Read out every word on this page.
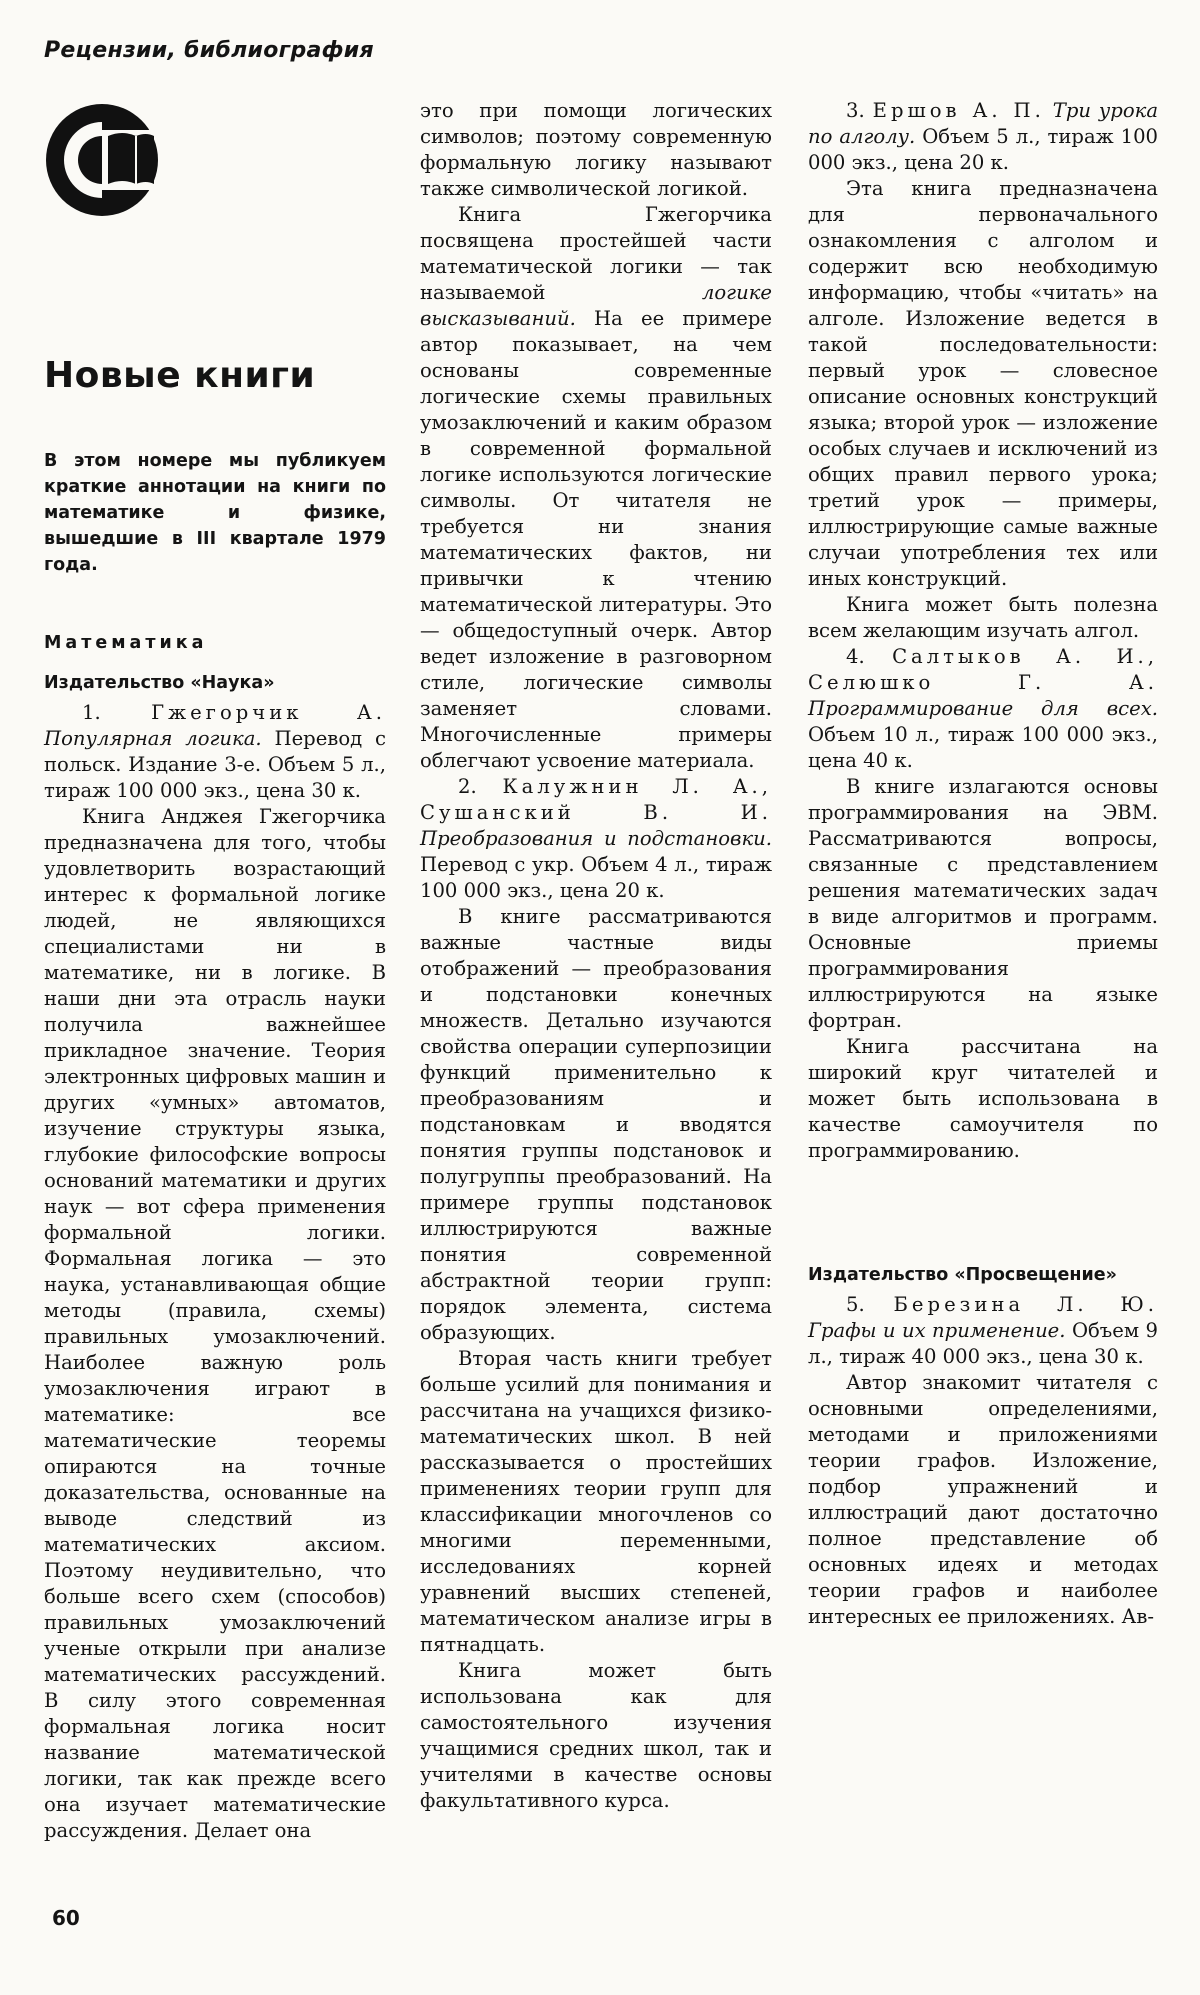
Рецензии, библиография
Новые книги
В этом номере мы публикуем краткие аннотации на книги по математике и физике, вышедшие в III квартале 1979 года.
Математика
Издательство «Наука»

1.	Гжегорчик А. Популярная логика. Перевод с польск. Издание 3-е. Объем 5 л., тираж 100 000 экз., цена 30 к.

Книга Анджея Гжегорчика предназначена для того, чтобы удовлетворить возрастающий интерес к формальной логике людей, не являющихся специалистами ни в математике, ни в логике. В наши дни эта отрасль науки получила важнейшее прикладное значение. Теория электронных цифровых машин и других «умных» автоматов, изучение структуры языка, глубокие философские вопросы оснований математики и других наук — вот сфера применения формальной логики. Формальная логика — это наука, устанавливающая общие методы (правила, схемы) правильных умозаключений. Наиболее важную роль умозаключения играют в математике: все математические теоремы опираются на точные доказательства, основанные на выводе следствий из математических аксиом. Поэтому неудивительно, что больше всего схем (способов) правильных умозаключений ученые открыли при анализе математических рассуждений. В силу этого современная формальная логика носит название математической логики, так как прежде всего она изучает математические рассуждения. Делает она

это при помощи логических символов; поэтому современную формальную логику называют также символической логикой.

Книга Гжегорчика посвящена простейшей части математической логики — так называемой	логике высказываний. На ее примере автор показывает, на чем основаны современные логические схемы правильных умозаключений и каким образом в современной формальной логике используются логические символы. От читателя не требуется ни знания математических фактов, ни привычки к чтению математической литературы. Это — общедоступный очерк. Автор ведет изложение в разговорном стиле, логические символы заменяет словами. Многочисленные примеры облегчают усвоение материала.

2. Калужнин Л. А., Сушанский В. И. Преобразования и подстановки. Перевод с укр. Объем 4 л., тираж 100 000 экз., цена 20 к.

В книге рассматриваются важные частные виды отображений — преобразования и подстановки конечных множеств. Детально изучаются свойства операции суперпозиции функций применительно к преобразованиям и подстановкам и вводятся понятия группы подстановок и полугруппы преобразований. На примере группы подстановок иллюстрируются важные понятия современной абстрактной теории групп: порядок элемента, система образующих.

Вторая часть книги требует больше усилий для понимания и рассчитана на учащихся физико-математических школ. В ней рассказывается о простейших применениях теории групп для классификации многочленов со многими переменными, исследованиях корней уравнений высших степеней, математическом анализе игры в пятнадцать.

Книга может быть использована как для самостоятельного изучения учащимися средних школ, так и учителями в качестве основы факультативного курса.

3. Ершов А. П. Три урока по алголу. Объем 5 л., тираж 100 000 экз., цена 20 к.

Эта книга предназначена для первоначального ознакомления с алголом и содержит всю необходимую информацию, чтобы «читать» на алголе. Изложение ведется в такой последовательности: первый урок — словесное описание основных конструкций языка; второй урок — изложение особых случаев и исключений из общих правил первого урока; третий урок — примеры, иллюстрирующие самые важные случаи употребления тех или иных конструкций.

Книга может быть полезна всем желающим изучать алгол.

4. Салтыков А. И., Селюшко Г. А. Программирование для всех. Объем 10 л., тираж 100 000 экз., цена 40 к.

В книге излагаются основы программирования на ЭВМ. Рассматриваются вопросы, связанные с представлением решения математических задач в виде алгоритмов и программ. Основные приемы программирования иллюстрируются на языке фортран.

Книга рассчитана на широкий круг читателей и может быть использована в качестве самоучителя по программированию.

Издательство «Просвещение»

5. Березина Л. Ю. Графы и их применение. Объем 9 л., тираж 40 000 экз., цена 30 к.

Автор знакомит читателя с основными определениями, методами и приложениями теории графов. Изложение, подбор упражнений и иллюстраций дают достаточно полное представление об основных идеях и методах теории графов и наиболее интересных ее приложениях. Ав-

60
